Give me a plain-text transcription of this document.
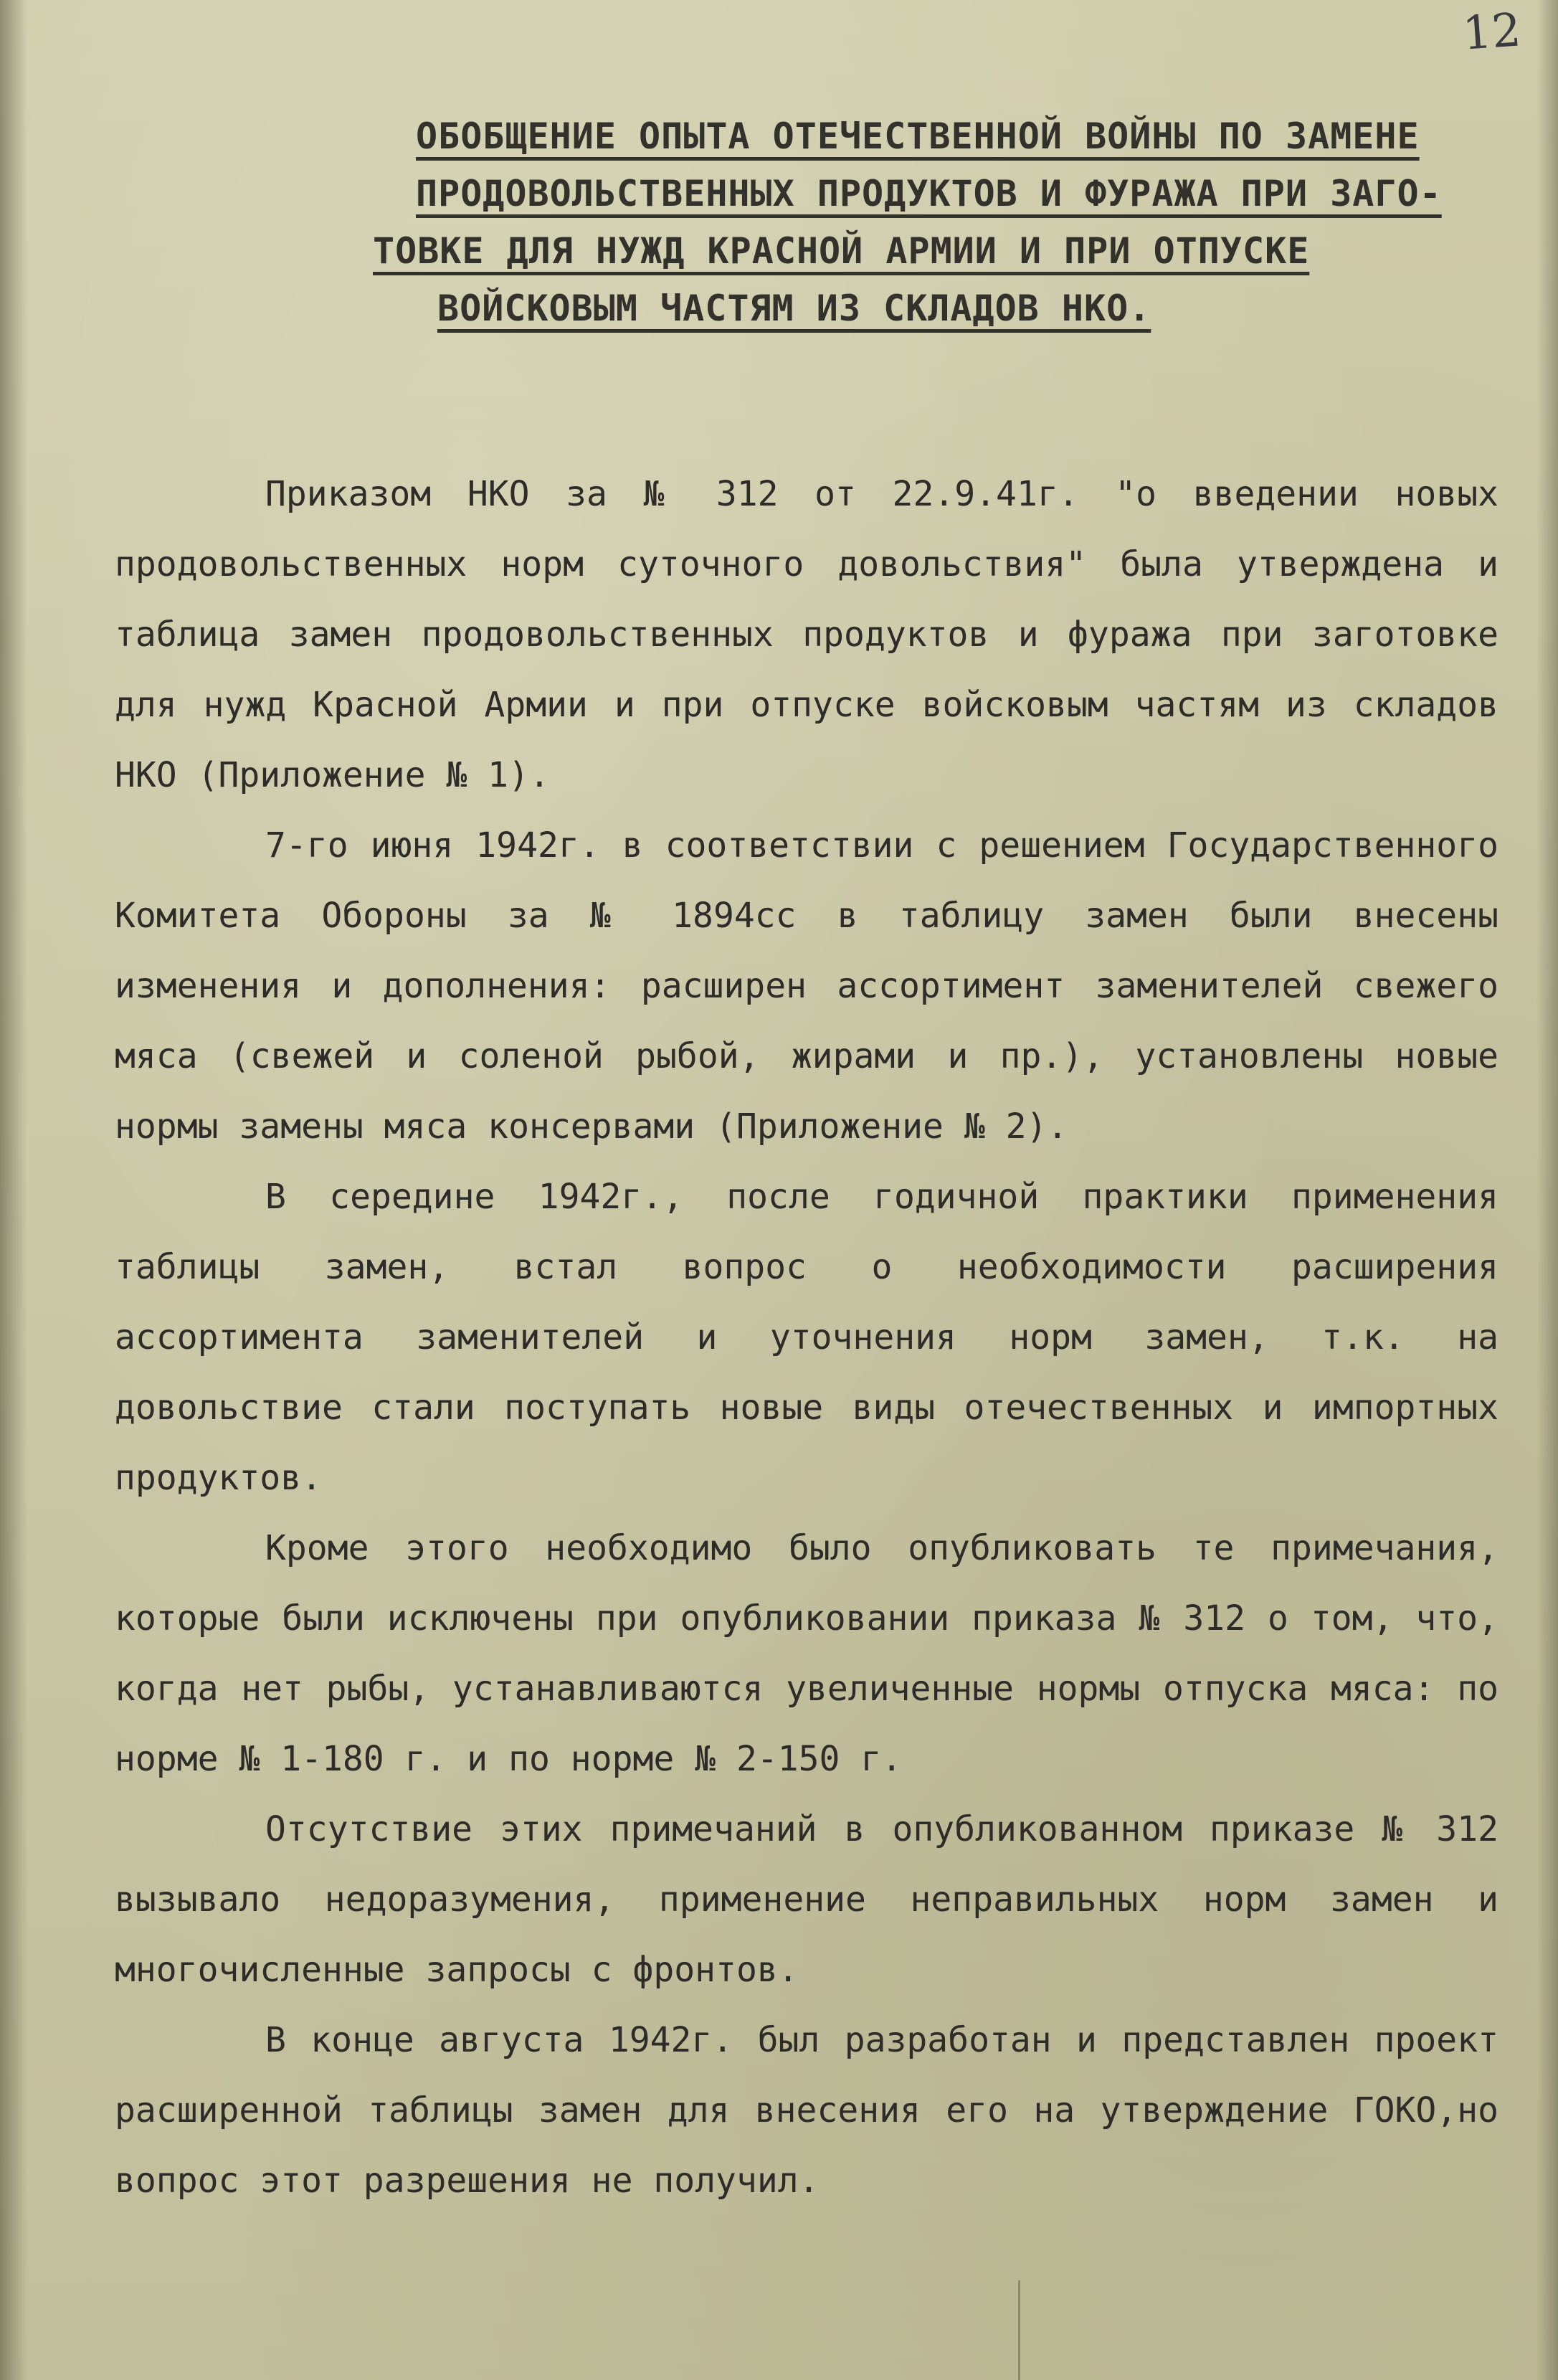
12
ОБОБЩЕНИЕ ОПЫТА ОТЕЧЕСТВЕННОЙ ВОЙНЫ ПО ЗАМЕНЕ
ПРОДОВОЛЬСТВЕННЫХ ПРОДУКТОВ И ФУРАЖА ПРИ ЗАГО-
ТОВКЕ ДЛЯ НУЖД КРАСНОЙ АРМИИ И ПРИ ОТПУСКЕ
ВОЙСКОВЫМ ЧАСТЯМ ИЗ СКЛАДОВ НКО.

Приказом НКО за № 312 от 22.9.41г. "о введении новых продовольственных норм суточного довольствия" была утверждена и таблица замен продовольственных продуктов и фуража при заготовке для нужд Красной Армии и при отпуске войсковым частям из складов НКО (Приложение № 1).

7-го июня 1942г. в соответствии с решением Государственного Комитета Обороны за № 1894сс в таблицу замен были внесены изменения и дополнения: расширен ассортимент заменителей свежего мяса (свежей и соленой рыбой, жирами и пр.), установлены новые нормы замены мяса консервами (Приложение № 2).

В середине 1942г., после годичной практики применения таблицы замен, встал вопрос о необходимости расширения ассортимента заменителей и уточнения норм замен, т.к. на довольствие стали поступать новые виды отечественных и импортных продуктов.

Кроме этого необходимо было опубликовать те примечания, которые были исключены при опубликовании приказа № 312 о том, что, когда нет рыбы, устанавливаются увеличенные нормы отпуска мяса: по норме № 1-180 г. и по норме № 2-150 г.

Отсутствие этих примечаний в опубликованном приказе № 312 вызывало недоразумения, применение неправильных норм замен и многочисленные запросы с фронтов.

В конце августа 1942г. был разработан и представлен проект расширенной таблицы замен для внесения его на утверждение ГОКО,но вопрос этот разрешения не получил.
